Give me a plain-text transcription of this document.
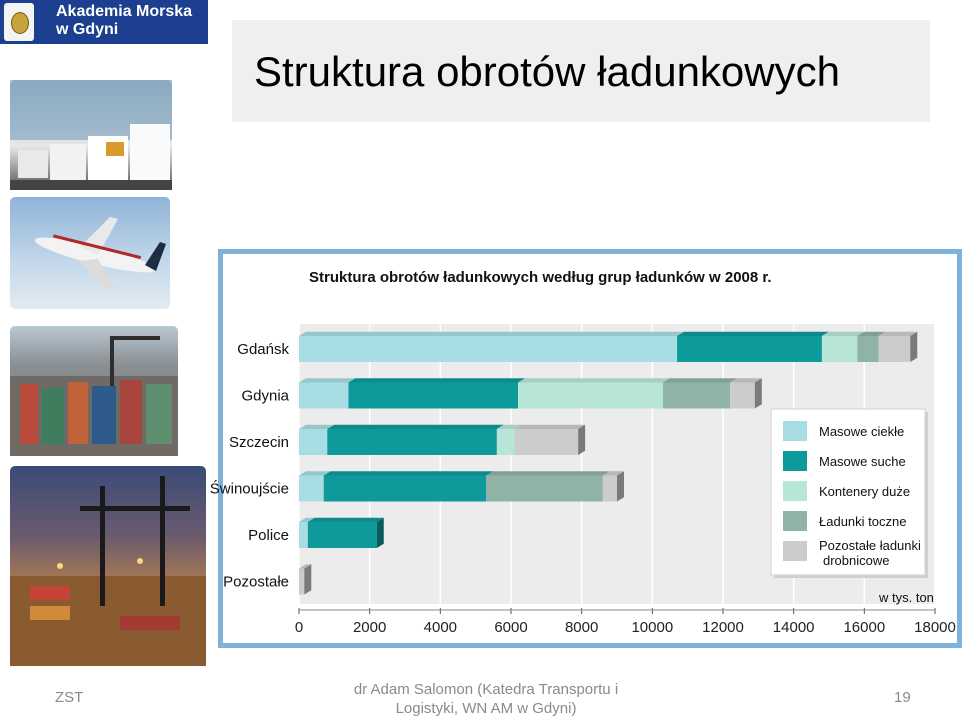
Akademia Morska
w Gdyni
Struktura obrotów ładunkowych
Struktura obrotów ładunkowych według grup ładunków w 2008 r.
Gdańsk
Gdynia
Szczecin
Świnoujście
Police
Pozostałe
0	2000 4000 6000 8000 10000 12000 14000 16000 18000
w tys. ton
Masowe ciekłe
Masowe suche
Kontenery duże
Ładunki toczne
Pozostałe ładunki
drobnicowe
ZST	dr Adam Salomon (Katedra Transportu i
Logistyki, WN AM w Gdyni)
19
